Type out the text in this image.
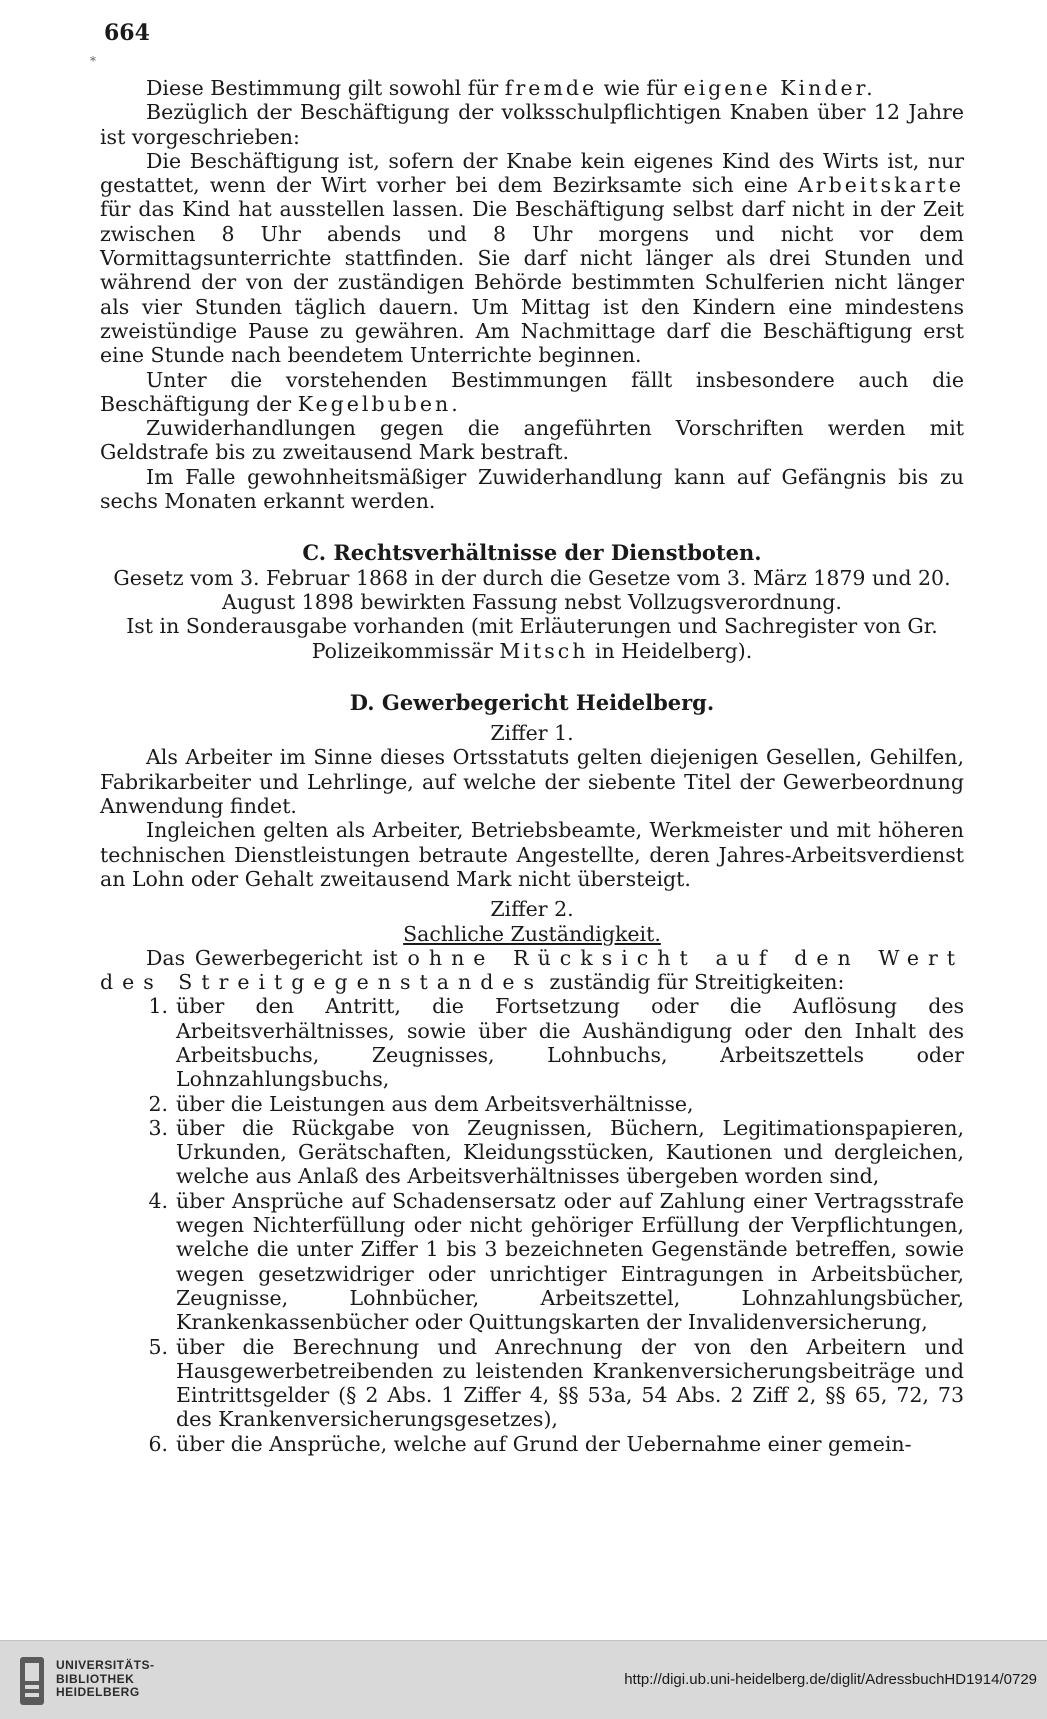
664
*

Diese Bestimmung gilt sowohl für fremde wie für eigene Kinder.

Bezüglich der Beschäftigung der volksschulpflichtigen Knaben über 12 Jahre ist vorgeschrieben:

Die Beschäftigung ist, sofern der Knabe kein eigenes Kind des Wirts ist, nur gestattet, wenn der Wirt vorher bei dem Bezirksamte sich eine Arbeitskarte für das Kind hat ausstellen lassen. Die Beschäftigung selbst darf nicht in der Zeit zwischen 8 Uhr abends und 8 Uhr morgens und nicht vor dem Vormittagsunterrichte stattfinden. Sie darf nicht länger als drei Stunden und während der von der zuständigen Behörde bestimmten Schulferien nicht länger als vier Stunden täglich dauern. Um Mittag ist den Kindern eine mindestens zweistündige Pause zu gewähren. Am Nachmittage darf die Beschäftigung erst eine Stunde nach beendetem Unterrichte beginnen.

Unter die vorstehenden Bestimmungen fällt insbesondere auch die Beschäftigung der Kegelbuben.

Zuwiderhandlungen gegen die angeführten Vorschriften werden mit Geldstrafe bis zu zweitausend Mark bestraft.

Im Falle gewohnheitsmäßiger Zuwiderhandlung kann auf Gefängnis bis zu sechs Monaten erkannt werden.

C. Rechtsverhältnisse der Dienstboten.

Gesetz vom 3. Februar 1868 in der durch die Gesetze vom 3. März 1879 und 20. August 1898 bewirkten Fassung nebst Vollzugsverordnung.

Ist in Sonderausgabe vorhanden (mit Erläuterungen und Sachregister von Gr. Polizeikommissär Mitsch in Heidelberg).

D. Gewerbegericht Heidelberg.

Ziffer 1.

Als Arbeiter im Sinne dieses Ortsstatuts gelten diejenigen Gesellen, Gehilfen, Fabrikarbeiter und Lehrlinge, auf welche der siebente Titel der Gewerbeordnung Anwendung findet.

Ingleichen gelten als Arbeiter, Betriebsbeamte, Werkmeister und mit höheren technischen Dienstleistungen betraute Angestellte, deren Jahres-Arbeitsverdienst an Lohn oder Gehalt zweitausend Mark nicht übersteigt.

Ziffer 2.

Sachliche Zuständigkeit.

Das Gewerbegericht ist ohne Rücksicht auf den Wert des Streitgegenstandes zuständig für Streitigkeiten:

1. über den Antritt, die Fortsetzung oder die Auflösung des Arbeitsverhältnisses, sowie über die Aushändigung oder den Inhalt des Arbeitsbuchs, Zeugnisses, Lohnbuchs, Arbeitszettels oder Lohnzahlungsbuchs,
2. über die Leistungen aus dem Arbeitsverhältnisse,
3. über die Rückgabe von Zeugnissen, Büchern, Legitimationspapieren, Urkunden, Gerätschaften, Kleidungsstücken, Kautionen und dergleichen, welche aus Anlaß des Arbeitsverhältnisses übergeben worden sind,
4. über Ansprüche auf Schadensersatz oder auf Zahlung einer Vertragsstrafe wegen Nichterfüllung oder nicht gehöriger Erfüllung der Verpflichtungen, welche die unter Ziffer 1 bis 3 bezeichneten Gegenstände betreffen, sowie wegen gesetzwidriger oder unrichtiger Eintragungen in Arbeitsbücher, Zeugnisse, Lohnbücher, Arbeitszettel, Lohnzahlungsbücher, Krankenkassenbücher oder Quittungskarten der Invalidenversicherung,
5. über die Berechnung und Anrechnung der von den Arbeitern und Hausgewerbetreibenden zu leistenden Krankenversicherungsbeiträge und Eintrittsgelder (§ 2 Abs. 1 Ziffer 4, §§ 53a, 54 Abs. 2 Ziff 2, §§ 65, 72, 73 des Krankenversicherungsgesetzes),
6. über die Ansprüche, welche auf Grund der Uebernahme einer gemein-
UNIVERSITÄTS-
BIBLIOTHEK
HEIDELBERG
http://digi.ub.uni-heidelberg.de/diglit/AdressbuchHD1914/0729
